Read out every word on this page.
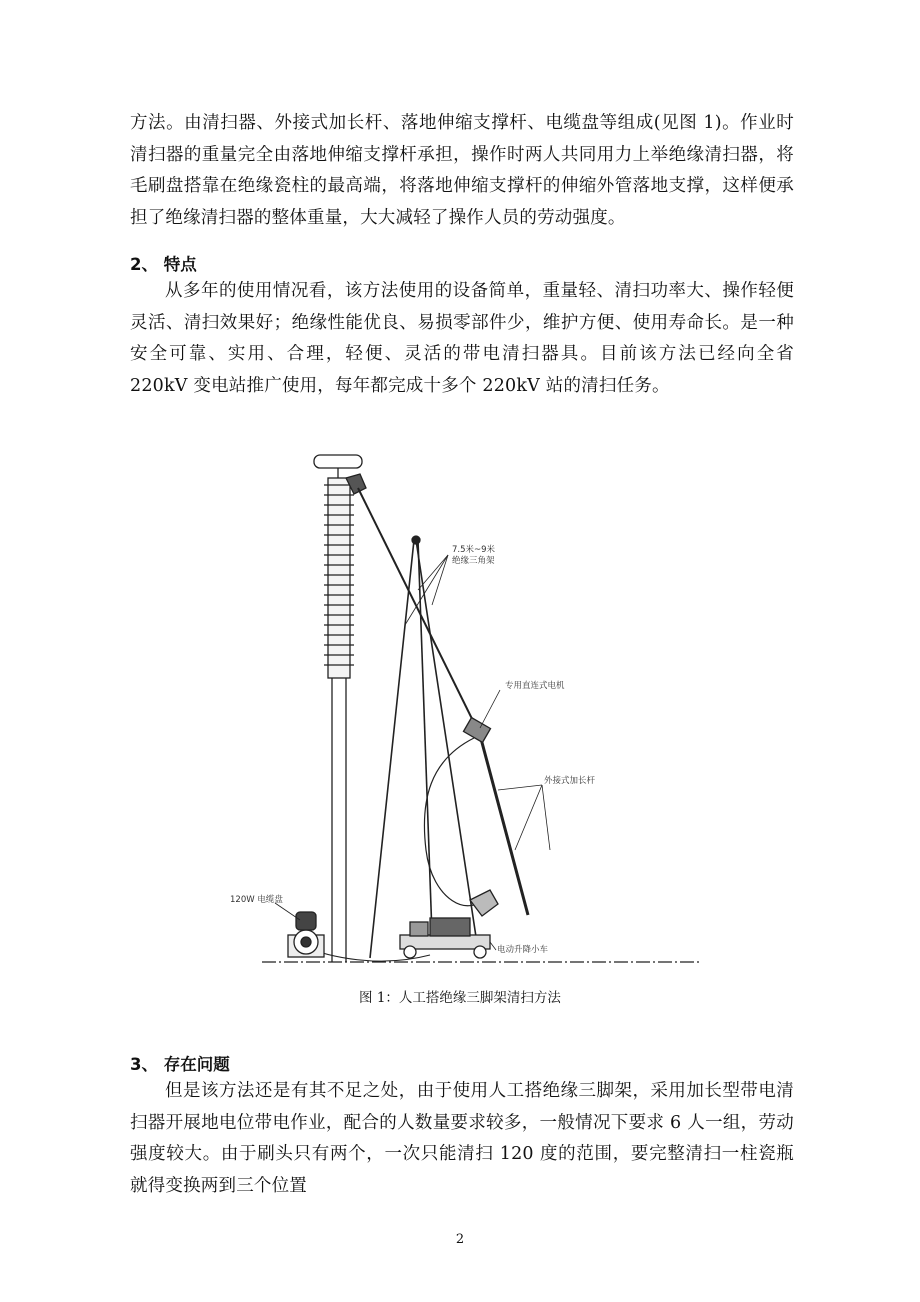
方法。由清扫器、外接式加长杆、落地伸缩支撑杆、电缆盘等组成(见图 1)。作业时清扫器的重量完全由落地伸缩支撑杆承担，操作时两人共同用力上举绝缘清扫器，将毛刷盘搭靠在绝缘瓷柱的最高端，将落地伸缩支撑杆的伸缩外管落地支撑，这样便承担了绝缘清扫器的整体重量，大大减轻了操作人员的劳动强度。

2、 特点

从多年的使用情况看，该方法使用的设备简单，重量轻、清扫功率大、操作轻便灵活、清扫效果好；绝缘性能优良、易损零部件少，维护方便、使用寿命长。是一种安全可靠、实用、合理，轻便、灵活的带电清扫器具。目前该方法已经向全省 220kV 变电站推广使用，每年都完成十多个 220kV 站的清扫任务。

7.5米~9米
绝缘三角架
专用直连式电机
外接式加长杆
120W 电缆盘
电动升降小车
图 1：人工搭绝缘三脚架清扫方法

3、 存在问题

但是该方法还是有其不足之处，由于使用人工搭绝缘三脚架，采用加长型带电清扫器开展地电位带电作业，配合的人数量要求较多，一般情况下要求 6 人一组，劳动强度较大。由于刷头只有两个，一次只能清扫 120 度的范围，要完整清扫一柱瓷瓶就得变换两到三个位置

2
